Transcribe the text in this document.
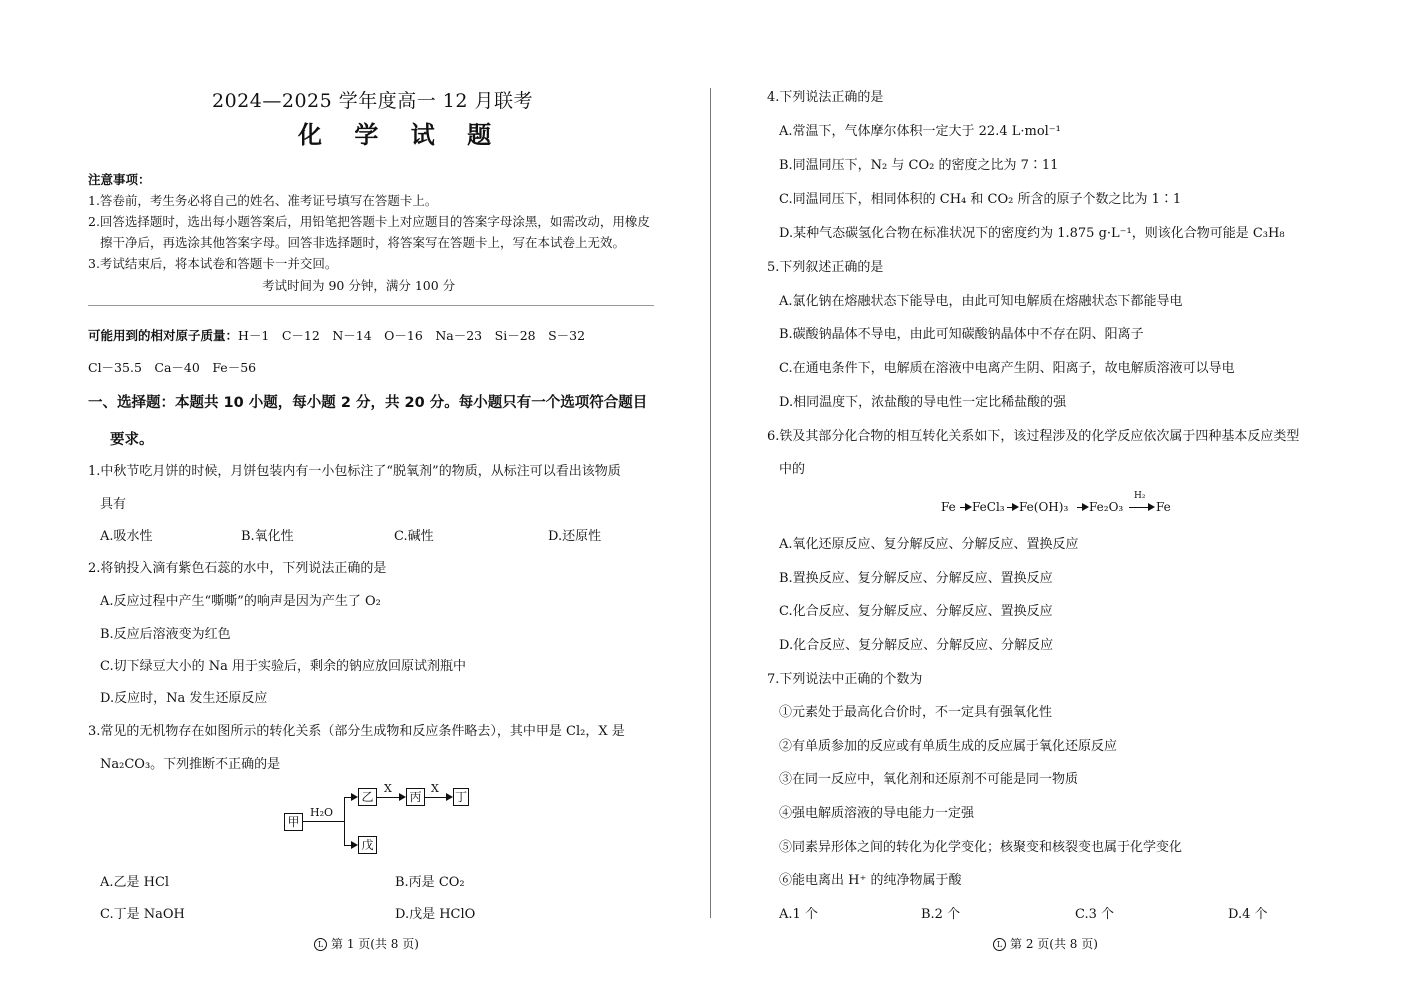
2024—2025 学年度高一 12 月联考
化 学 试 题
注意事项：
1.答卷前，考生务必将自己的姓名、准考证号填写在答题卡上。
2.回答选择题时，选出每小题答案后，用铅笔把答题卡上对应题目的答案字母涂黑，如需改动，用橡皮
擦干净后，再选涂其他答案字母。回答非选择题时，将答案写在答题卡上，写在本试卷上无效。
3.考试结束后，将本试卷和答题卡一并交回。
考试时间为 90 分钟，满分 100 分
可能用到的相对原子质量：H－1　C－12　N－14　O－16　Na－23　Si－28　S－32
Cl－35.5　Ca－40　Fe－56
一、选择题：本题共 10 小题，每小题 2 分，共 20 分。每小题只有一个选项符合题目
要求。
1.中秋节吃月饼的时候，月饼包装内有一小包标注了“脱氧剂”的物质，从标注可以看出该物质
具有
A.吸水性	B.氧化性	C.碱性	D.还原性
2.将钠投入滴有紫色石蕊的水中，下列说法正确的是
A.反应过程中产生“嘶嘶”的响声是因为产生了 O₂
B.反应后溶液变为红色
C.切下绿豆大小的 Na 用于实验后，剩余的钠应放回原试剂瓶中
D.反应时，Na 发生还原反应
3.常见的无机物存在如图所示的转化关系（部分生成物和反应条件略去），其中甲是 Cl₂，X 是
Na₂CO₃。下列推断不正确的是
甲
H₂O
乙
X
丙
X
丁
戊
A.乙是 HCl	B.丙是 CO₂
C.丁是 NaOH	D.戊是 HClO
L 第 1 页(共 8 页)
4.下列说法正确的是
A.常温下，气体摩尔体积一定大于 22.4 L·mol⁻¹
B.同温同压下，N₂ 与 CO₂ 的密度之比为 7∶11
C.同温同压下，相同体积的 CH₄ 和 CO₂ 所含的原子个数之比为 1∶1
D.某种气态碳氢化合物在标准状况下的密度约为 1.875 g·L⁻¹，则该化合物可能是 C₃H₈
5.下列叙述正确的是
A.氯化钠在熔融状态下能导电，由此可知电解质在熔融状态下都能导电
B.碳酸钠晶体不导电，由此可知碳酸钠晶体中不存在阴、阳离子
C.在通电条件下，电解质在溶液中电离产生阴、阳离子，故电解质溶液可以导电
D.相同温度下，浓盐酸的导电性一定比稀盐酸的强
6.铁及其部分化合物的相互转化关系如下，该过程涉及的化学反应依次属于四种基本反应类型
中的
Fe FeCl₃ Fe(OH)₃ Fe₂O₃
H₂
Fe
A.氧化还原反应、复分解反应、分解反应、置换反应
B.置换反应、复分解反应、分解反应、置换反应
C.化合反应、复分解反应、分解反应、置换反应
D.化合反应、复分解反应、分解反应、分解反应
7.下列说法中正确的个数为
①元素处于最高化合价时，不一定具有强氧化性
②有单质参加的反应或有单质生成的反应属于氧化还原反应
③在同一反应中，氧化剂和还原剂不可能是同一物质
④强电解质溶液的导电能力一定强
⑤同素异形体之间的转化为化学变化；核聚变和核裂变也属于化学变化
⑥能电离出 H⁺ 的纯净物属于酸
A.1 个	B.2 个	C.3 个	D.4 个
L 第 2 页(共 8 页)
